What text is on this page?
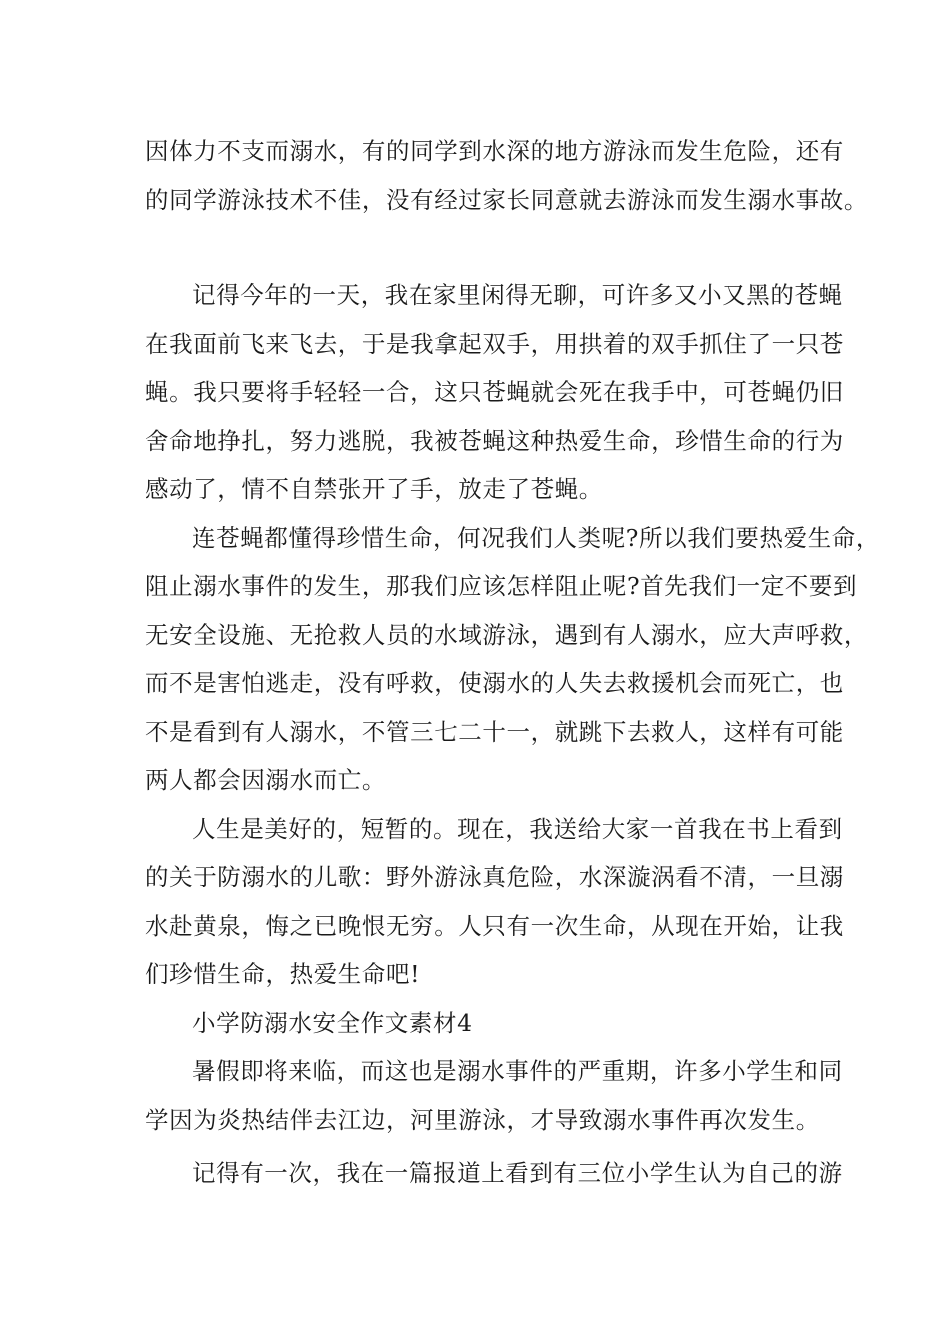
因体力不支而溺水，有的同学到水深的地方游泳而发生危险，还有
的同学游泳技术不佳，没有经过家长同意就去游泳而发生溺水事故。

记得今年的一天，我在家里闲得无聊，可许多又小又黑的苍蝇
在我面前飞来飞去，于是我拿起双手，用拱着的双手抓住了一只苍
蝇。我只要将手轻轻一合，这只苍蝇就会死在我手中，可苍蝇仍旧
舍命地挣扎，努力逃脱，我被苍蝇这种热爱生命，珍惜生命的行为
感动了，情不自禁张开了手，放走了苍蝇。

连苍蝇都懂得珍惜生命，何况我们人类呢?所以我们要热爱生命，
阻止溺水事件的发生，那我们应该怎样阻止呢?首先我们一定不要到
无安全设施、无抢救人员的水域游泳，遇到有人溺水，应大声呼救，
而不是害怕逃走，没有呼救，使溺水的人失去救援机会而死亡，也
不是看到有人溺水，不管三七二十一，就跳下去救人，这样有可能
两人都会因溺水而亡。

人生是美好的，短暂的。现在，我送给大家一首我在书上看到
的关于防溺水的儿歌：野外游泳真危险，水深漩涡看不清，一旦溺
水赴黄泉，悔之已晚恨无穷。人只有一次生命，从现在开始，让我
们珍惜生命，热爱生命吧!

小学防溺水安全作文素材4

暑假即将来临，而这也是溺水事件的严重期，许多小学生和同
学因为炎热结伴去江边，河里游泳，才导致溺水事件再次发生。

记得有一次，我在一篇报道上看到有三位小学生认为自己的游
